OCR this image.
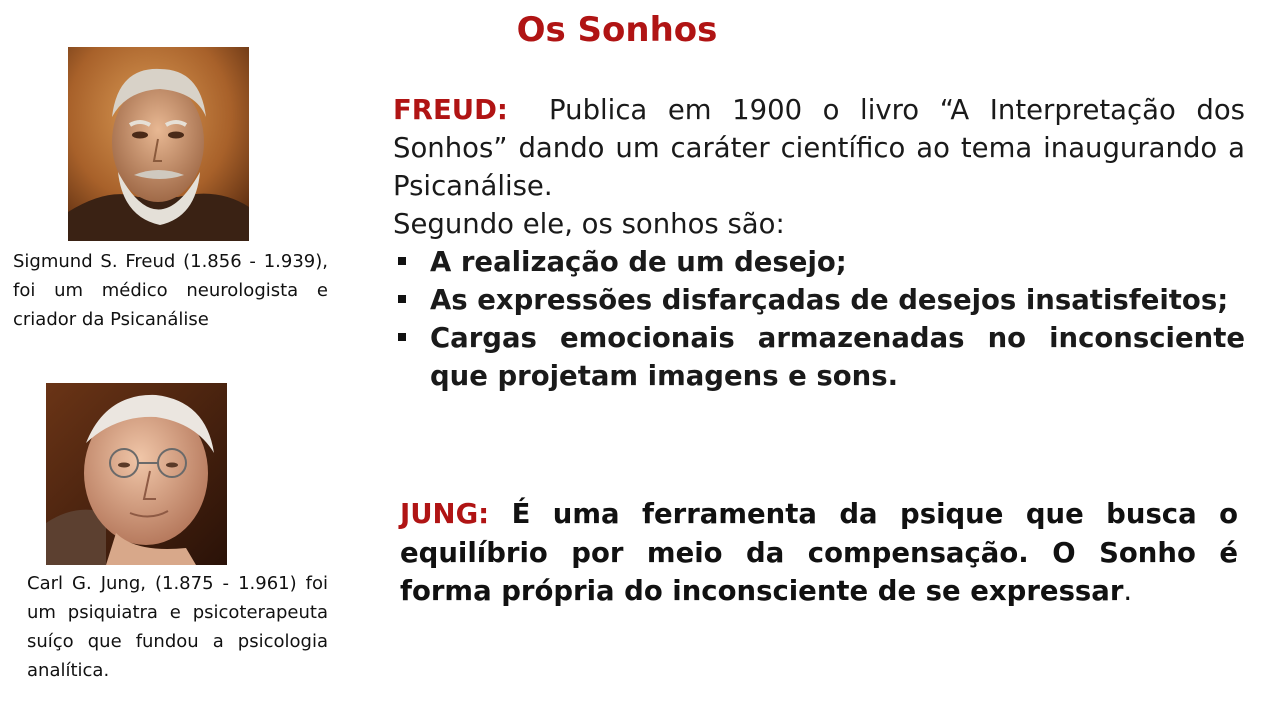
Os Sonhos
Sigmund S. Freud (1.856 - 1.939), foi um médico neurologista e criador da Psicanálise
Carl G. Jung, (1.875 - 1.961) foi um psiquiatra e psicoterapeuta suíço que fundou a psicologia analítica.

FREUD: Publica em 1900 o livro “A Interpretação dos Sonhos” dando um caráter científico ao tema inaugurando a Psicanálise.

Segundo ele, os sonhos são:

A realização de um desejo;
As expressões disfarçadas de desejos insatisfeitos;
Cargas emocionais armazenadas no inconsciente que projetam imagens e sons.
JUNG: É uma ferramenta da psique que busca o equilíbrio por meio da compensação. O Sonho é forma própria do inconsciente de se expressar.
